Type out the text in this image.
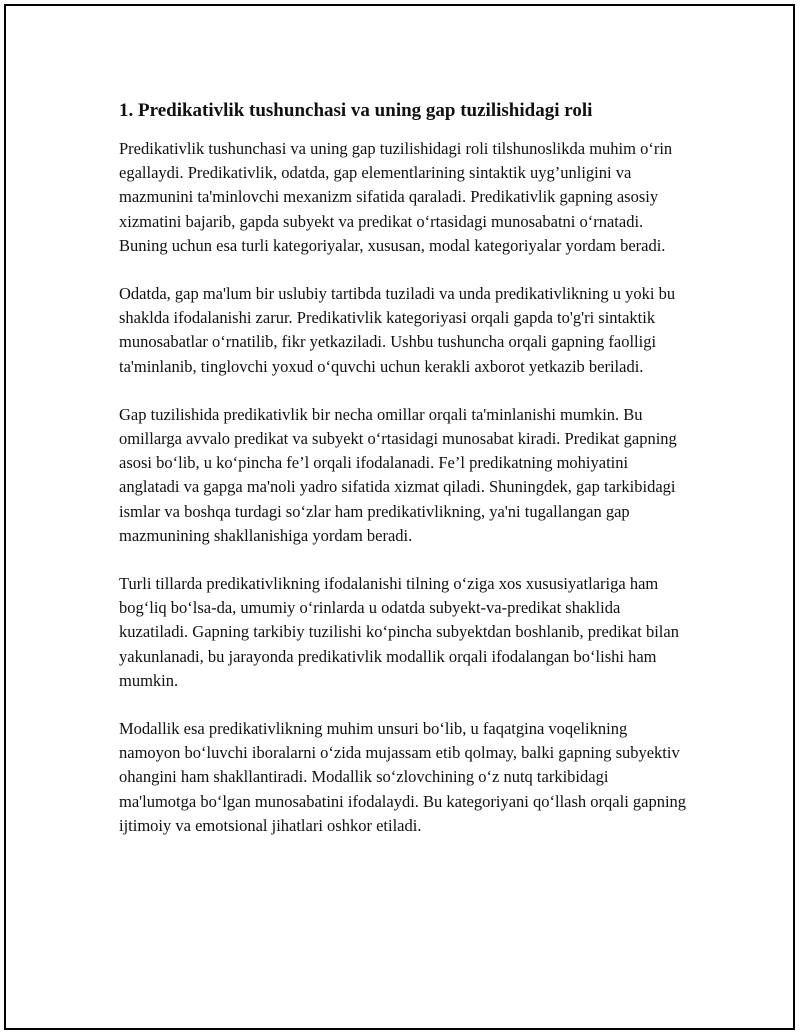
1. Predikativlik tushunchasi va uning gap tuzilishidagi roli

Predikativlik tushunchasi va uning gap tuzilishidagi roli tilshunoslikda muhim o‘rin egallaydi. Predikativlik, odatda, gap elementlarining sintaktik uyg’unligini va mazmunini ta'minlovchi mexanizm sifatida qaraladi. Predikativlik gapning asosiy xizmatini bajarib, gapda subyekt va predikat o‘rtasidagi munosabatni o‘rnatadi. Buning uchun esa turli kategoriyalar, xususan, modal kategoriyalar yordam beradi.

Odatda, gap ma'lum bir uslubiy tartibda tuziladi va unda predikativlikning u yoki bu shaklda ifodalanishi zarur. Predikativlik kategoriyasi orqali gapda to'g'ri sintaktik munosabatlar o‘rnatilib, fikr yetkaziladi. Ushbu tushuncha orqali gapning faolligi ta'minlanib, tinglovchi yoxud o‘quvchi uchun kerakli axborot yetkazib beriladi.

Gap tuzilishida predikativlik bir necha omillar orqali ta'minlanishi mumkin. Bu omillarga avvalo predikat va subyekt o‘rtasidagi munosabat kiradi. Predikat gapning asosi bo‘lib, u ko‘pincha fe’l orqali ifodalanadi. Fe’l predikatning mohiyatini anglatadi va gapga ma'noli yadro sifatida xizmat qiladi. Shuningdek, gap tarkibidagi ismlar va boshqa turdagi so‘zlar ham predikativlikning, ya'ni tugallangan gap mazmunining shakllanishiga yordam beradi.

Turli tillarda predikativlikning ifodalanishi tilning o‘ziga xos xususiyatlariga ham bog‘liq bo‘lsa-da, umumiy o‘rinlarda u odatda subyekt-va-predikat shaklida kuzatiladi. Gapning tarkibiy tuzilishi ko‘pincha subyektdan boshlanib, predikat bilan yakunlanadi, bu jarayonda predikativlik modallik orqali ifodalangan bo‘lishi ham mumkin.

Modallik esa predikativlikning muhim unsuri bo‘lib, u faqatgina voqelikning namoyon bo‘luvchi iboralarni o‘zida mujassam etib qolmay, balki gapning subyektiv ohangini ham shakllantiradi. Modallik so‘zlovchining o‘z nutq tarkibidagi ma'lumotga bo‘lgan munosabatini ifodalaydi. Bu kategoriyani qo‘llash orqali gapning ijtimoiy va emotsional jihatlari oshkor etiladi.
